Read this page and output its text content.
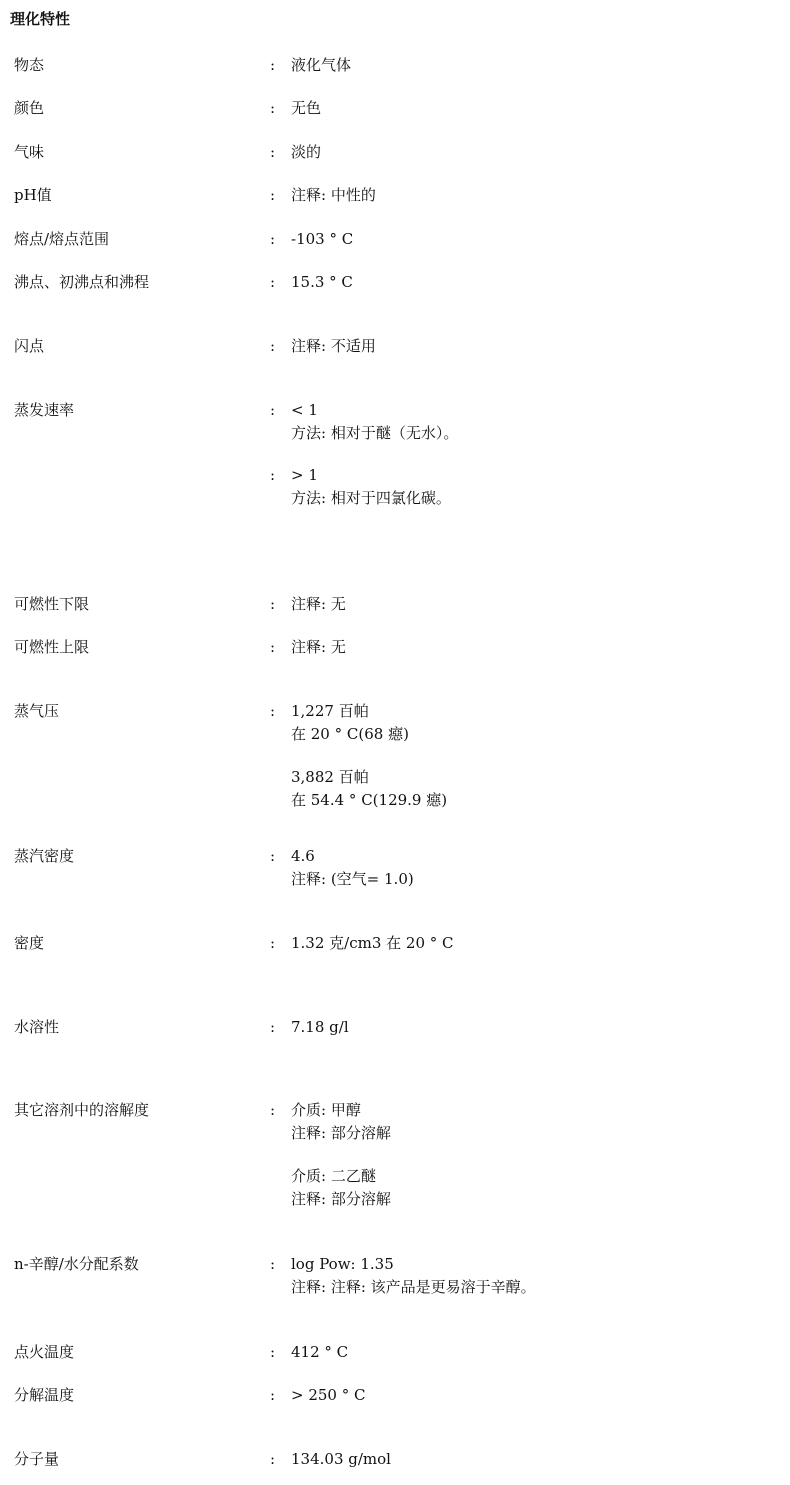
理化特性
物态	:	液化气体
颜色	:	无色
气味	:	淡的
pH值	:	注释: 中性的
熔点/熔点范围	:	-103 ° C
沸点、初沸点和沸程	:	15.3 ° C
闪点	:	注释: 不适用
蒸发速率	:	< 1
方法: 相对于醚（无水）。
:	> 1
方法: 相对于四氯化碳。
可燃性下限	:	注释: 无
可燃性上限	:	注释: 无
蒸气压	:	1,227 百帕
在 20 ° C(68 癋)
3,882 百帕
在 54.4 ° C(129.9 癋)
蒸汽密度	:	4.6
注释: (空气= 1.0)
密度	:	1.32 克/cm3 在 20 ° C
水溶性	:	7.18 g/l
其它溶剂中的溶解度	:	介质: 甲醇
注释: 部分溶解
介质: 二乙醚
注释: 部分溶解
n-辛醇/水分配系数	:	log Pow: 1.35
注释: 注释: 该产品是更易溶于辛醇。
点火温度	:	412 ° C
分解温度	:	> 250 ° C
分子量	:	134.03 g/mol
